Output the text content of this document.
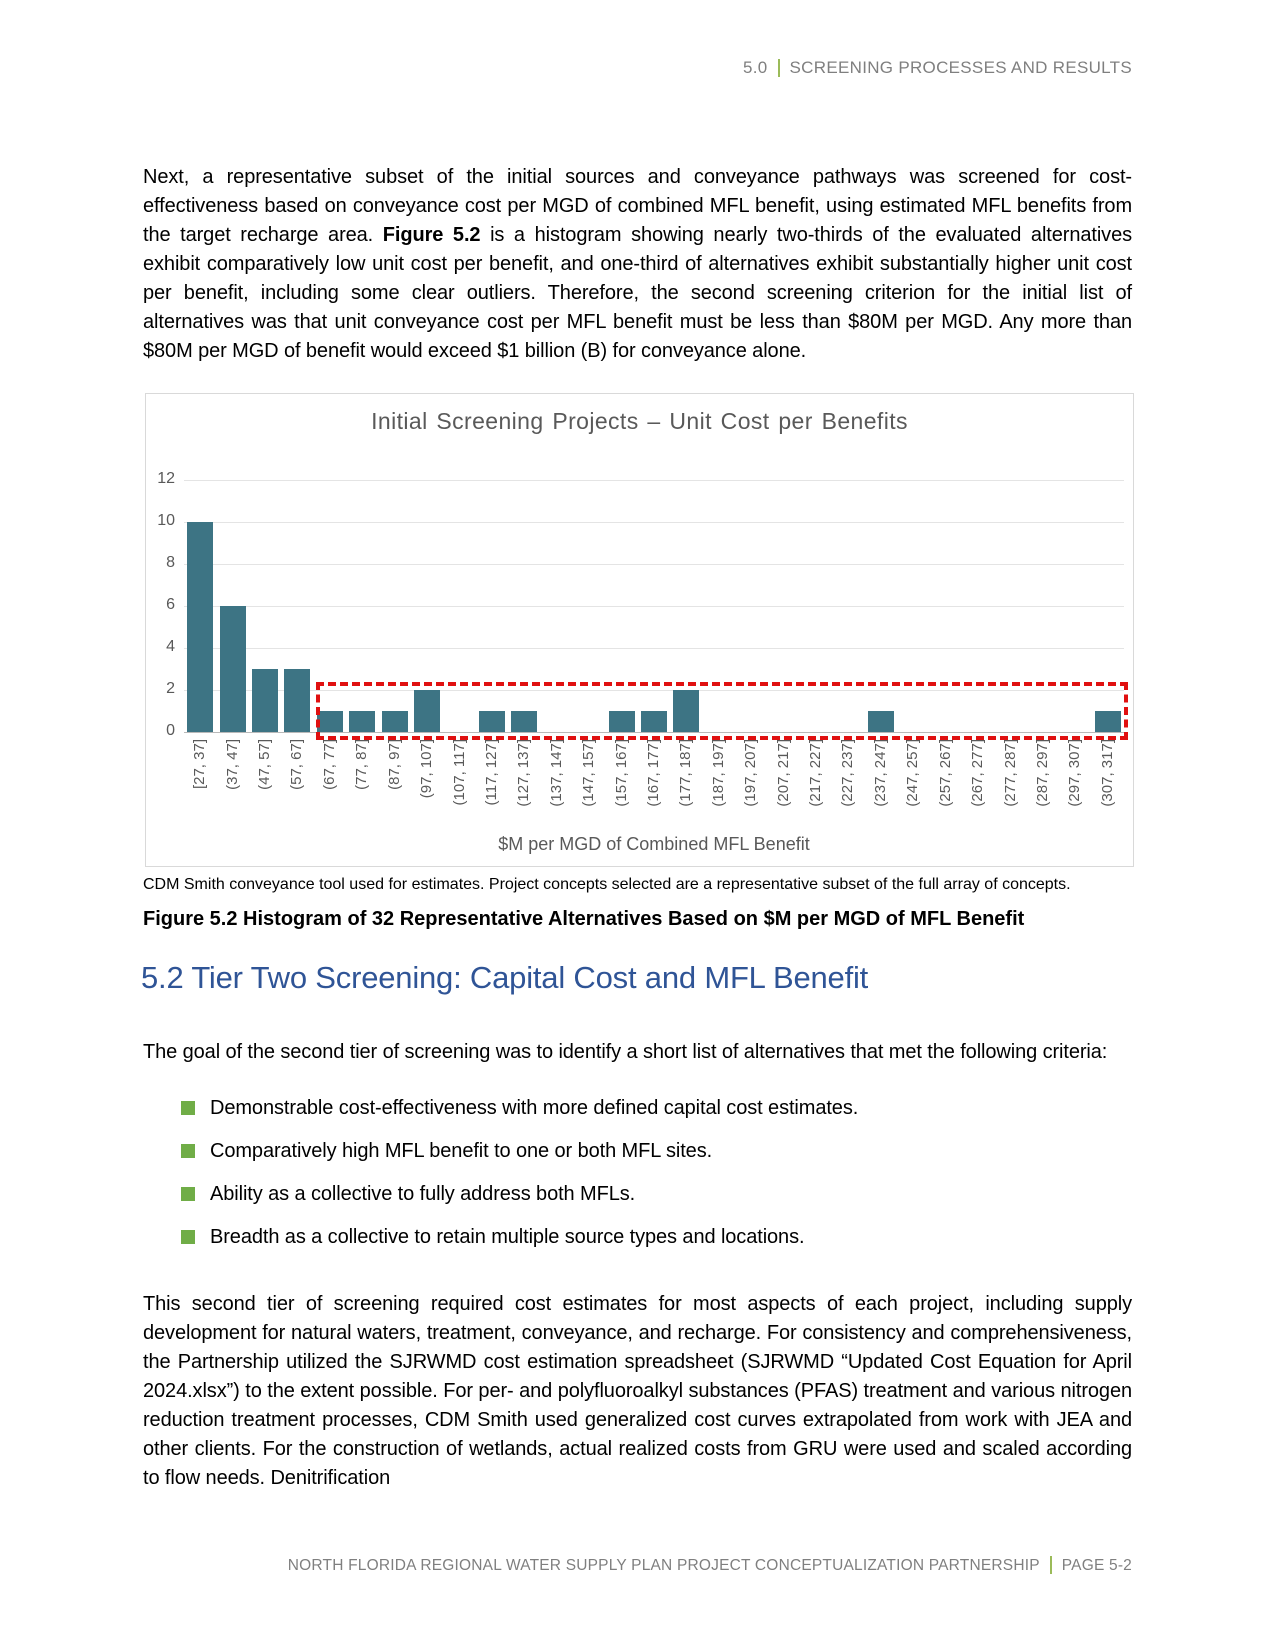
5.0 SCREENING PROCESSES AND RESULTS

Next, a representative subset of the initial sources and conveyance pathways was screened for cost-effectiveness based on conveyance cost per MGD of combined MFL benefit, using estimated MFL benefits from the target recharge area. Figure 5.2 is a histogram showing nearly two-thirds of the evaluated alternatives exhibit comparatively low unit cost per benefit, and one-third of alternatives exhibit substantially higher unit cost per benefit, including some clear outliers. Therefore, the second screening criterion for the initial list of alternatives was that unit conveyance cost per MFL benefit must be less than $80M per MGD. Any more than $80M per MGD of benefit would exceed $1 billion (B) for conveyance alone.

0
2
4
6
8
10
12
[27, 37] (37, 47] (47, 57] (57, 67] (67, 77] (77, 87] (87, 97] (97, 107] (107, 117] (117, 127] (127, 137] (137, 147] (147, 157] (157, 167] (167, 177] (177, 187] (187, 197] (197, 207] (207, 217] (217, 227] (227, 237] (237, 247] (247, 257] (257, 267] (267, 277] (277, 287] (287, 297] (297, 307] (307, 317]
Initial Screening Projects – Unit Cost per Benefits
$M per MGD of Combined MFL Benefit
CDM Smith conveyance tool used for estimates. Project concepts selected are a representative subset of the full array of concepts.
Figure 5.2 Histogram of 32 Representative Alternatives Based on $M per MGD of MFL Benefit
5.2 Tier Two Screening: Capital Cost and MFL Benefit

The goal of the second tier of screening was to identify a short list of alternatives that met the following criteria:

Demonstrable cost-effectiveness with more defined capital cost estimates.
Comparatively high MFL benefit to one or both MFL sites.
Ability as a collective to fully address both MFLs.
Breadth as a collective to retain multiple source types and locations.

This second tier of screening required cost estimates for most aspects of each project, including supply development for natural waters, treatment, conveyance, and recharge. For consistency and comprehensiveness, the Partnership utilized the SJRWMD cost estimation spreadsheet (SJRWMD “Updated Cost Equation for April 2024.xlsx”) to the extent possible. For per- and polyfluoroalkyl substances (PFAS) treatment and various nitrogen reduction treatment processes, CDM Smith used generalized cost curves extrapolated from work with JEA and other clients. For the construction of wetlands, actual realized costs from GRU were used and scaled according to flow needs. Denitrification

NORTH FLORIDA REGIONAL WATER SUPPLY PLAN PROJECT CONCEPTUALIZATION PARTNERSHIP PAGE 5-2
